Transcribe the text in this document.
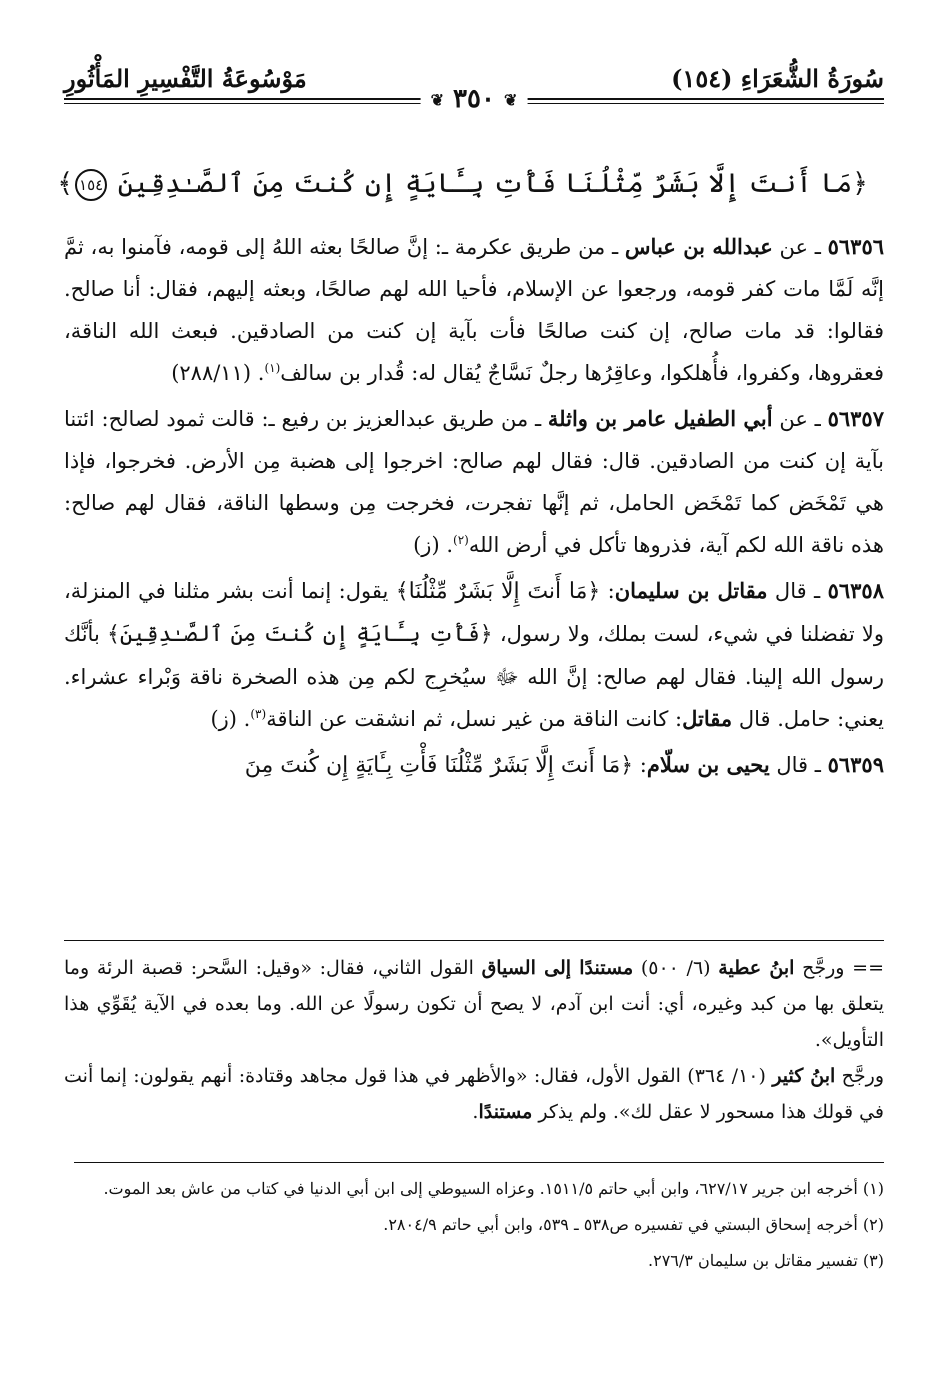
سُورَةُ الشُّعَرَاءِ (١٥٤)
مَوْسُوعَةُ التَّفْسِيرِ المَأْثُورِ
❦ ٣٥٠ ❦
﴿مَا أَنتَ إِلَّا بَشَرٌ مِّثْلُنَا فَأْتِ بِـَٔايَةٍ إِن كُنتَ مِنَ ٱلصَّـٰدِقِينَ ١٥٤﴾

٥٦٣٥٦ ـ عن عبدالله بن عباس ـ من طريق عكرمة ـ: إنَّ صالحًا بعثه اللهُ إلى قومه، فآمنوا به، ثمَّ إنَّه لَمَّا مات كفر قومه، ورجعوا عن الإسلام، فأحيا الله لهم صالحًا، وبعثه إليهم، فقال: أنا صالح. فقالوا: قد مات صالح، إن كنت صالحًا فأت بآية إن كنت من الصادقين. فبعث الله الناقة، فعقروها، وكفروا، فأُهلكوا، وعاقِرُها رجلٌ نَسَّاجٌ يُقال له: قُدار بن سالف$^{(١)}$. (٢٨٨/١١)

٥٦٣٥٧ ـ عن أبي الطفيل عامر بن واثلة ـ من طريق عبدالعزيز بن رفيع ـ: قالت ثمود لصالح: ائتنا بآية إن كنت من الصادقين. قال: فقال لهم صالح: اخرجوا إلى هضبة مِن الأرض. فخرجوا، فإذا هي تَمْخَض كما تَمْخَض الحامل، ثم إنَّها تفجرت، فخرجت مِن وسطها الناقة، فقال لهم صالح: هذه ناقة الله لكم آية، فذروها تأكل في أرض الله$^{(٢)}$. (ز)

٥٦٣٥٨ ـ قال مقاتل بن سليمان: ﴿مَا أَنتَ إِلَّا بَشَرٌ مِّثْلُنَا﴾ يقول: إنما أنت بشر مثلنا في المنزلة، ولا تفضلنا في شيء، لست بملك، ولا رسول، ﴿فَأْتِ بِـَٔايَةٍ إِن كُنتَ مِنَ ٱلصَّـٰدِقِينَ﴾ بأنَّك رسول الله إلينا. فقال لهم صالح: إنَّ الله ﷻ سيُخرِج لكم مِن هذه الصخرة ناقة وَبْراء عشراء. يعني: حامل. قال مقاتل: كانت الناقة من غير نسل، ثم انشقت عن الناقة$^{(٣)}$. (ز)

٥٦٣٥٩ ـ قال يحيى بن سلّام: ﴿مَا أَنتَ إِلَّا بَشَرٌ مِّثْلُنَا فَأْتِ بِـَٔايَةٍ إِن كُنتَ مِنَ

== ورجَّح ابنُ عطية (٦/ ٥٠٠) مستندًا إلى السياق القول الثاني، فقال: «وقيل: السَّحر: قصبة الرئة وما يتعلق بها من كبد وغيره، أي: أنت ابن آدم، لا يصح أن تكون رسولًا عن الله. وما بعده في الآية يُقَوِّي هذا التأويل».

ورجَّح ابنُ كثير (١٠/ ٣٦٤) القول الأول، فقال: «والأظهر في هذا قول مجاهد وقتادة: أنهم يقولون: إنما أنت في قولك هذا مسحور لا عقل لك». ولم يذكر مستندًا.

(١) أخرجه ابن جرير ٦٢٧/١٧، وابن أبي حاتم ١٥١١/٥. وعزاه السيوطي إلى ابن أبي الدنيا في كتاب من عاش بعد الموت.

(٢) أخرجه إسحاق البستي في تفسيره ص٥٣٨ ـ ٥٣٩، وابن أبي حاتم ٢٨٠٤/٩.

(٣) تفسير مقاتل بن سليمان ٢٧٦/٣.
